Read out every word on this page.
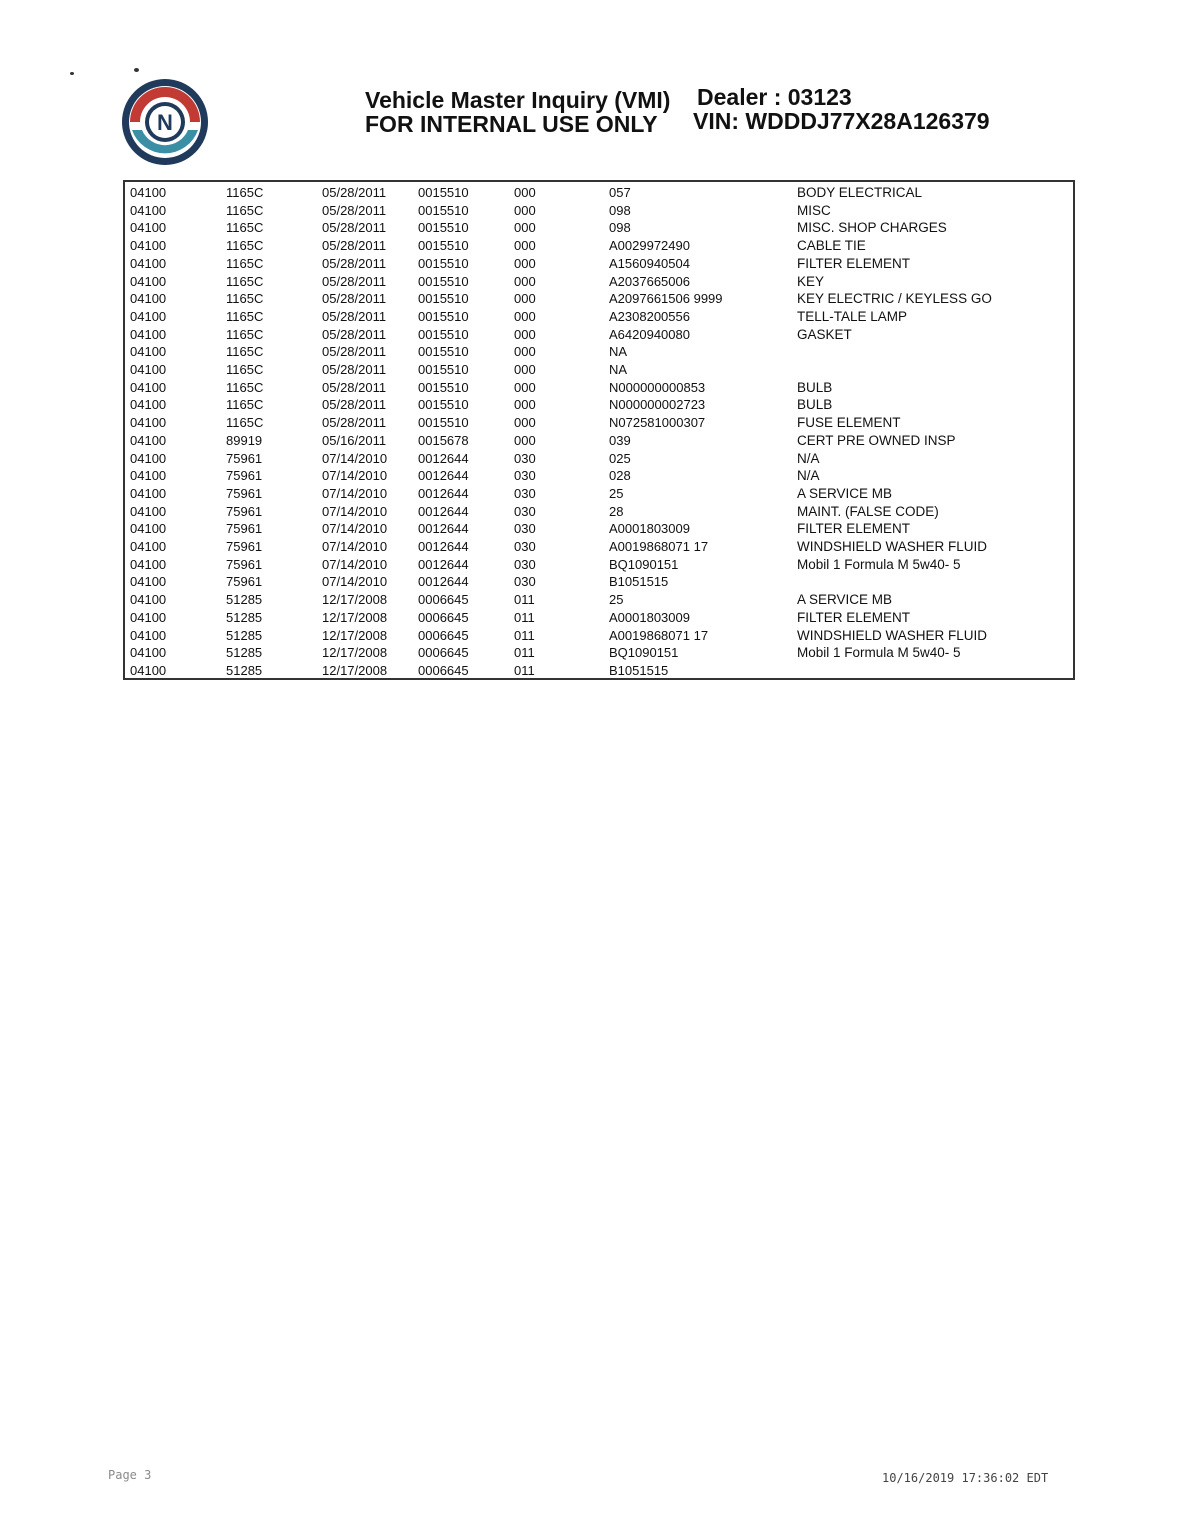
N
Vehicle Master Inquiry (VMI) Dealer : 03123
FOR INTERNAL USE ONLY VIN: WDDDJ77X28A126379
04100	1165C	05/28/2011 0015510	000	057	BODY ELECTRICAL
04100	1165C	05/28/2011 0015510	000	098	MISC
04100	1165C	05/28/2011 0015510	000	098	MISC. SHOP CHARGES
04100	1165C	05/28/2011 0015510	000	A0029972490	CABLE TIE
04100	1165C	05/28/2011 0015510	000	A1560940504	FILTER ELEMENT
04100	1165C	05/28/2011 0015510	000	A2037665006	KEY
04100	1165C	05/28/2011 0015510	000	A2097661506 9999	KEY ELECTRIC / KEYLESS GO
04100	1165C	05/28/2011 0015510	000	A2308200556	TELL-TALE LAMP
04100	1165C	05/28/2011 0015510	000	A6420940080	GASKET
04100	1165C	05/28/2011 0015510	000	NA
04100	1165C	05/28/2011 0015510	000	NA
04100	1165C	05/28/2011 0015510	000	N000000000853	BULB
04100	1165C	05/28/2011 0015510	000	N000000002723	BULB
04100	1165C	05/28/2011 0015510	000	N072581000307	FUSE ELEMENT
04100	89919	05/16/2011 0015678	000	039	CERT PRE OWNED INSP
04100	75961	07/14/2010 0012644	030	025	N/A
04100	75961	07/14/2010 0012644	030	028	N/A
04100	75961	07/14/2010 0012644	030	25	A SERVICE MB
04100	75961	07/14/2010 0012644	030	28	MAINT. (FALSE CODE)
04100	75961	07/14/2010 0012644	030	A0001803009	FILTER ELEMENT
04100	75961	07/14/2010 0012644	030	A0019868071 17	WINDSHIELD WASHER FLUID
04100	75961	07/14/2010 0012644	030	BQ1090151	Mobil 1 Formula M 5w40- 5
04100	75961	07/14/2010 0012644	030	B1051515
04100	51285	12/17/2008 0006645	011	25	A SERVICE MB
04100	51285	12/17/2008 0006645	011	A0001803009	FILTER ELEMENT
04100	51285	12/17/2008 0006645	011	A0019868071 17	WINDSHIELD WASHER FLUID
04100	51285	12/17/2008 0006645	011	BQ1090151	Mobil 1 Formula M 5w40- 5
04100	51285	12/17/2008 0006645	011	B1051515
Page 3	10/16/2019 17:36:02 EDT
